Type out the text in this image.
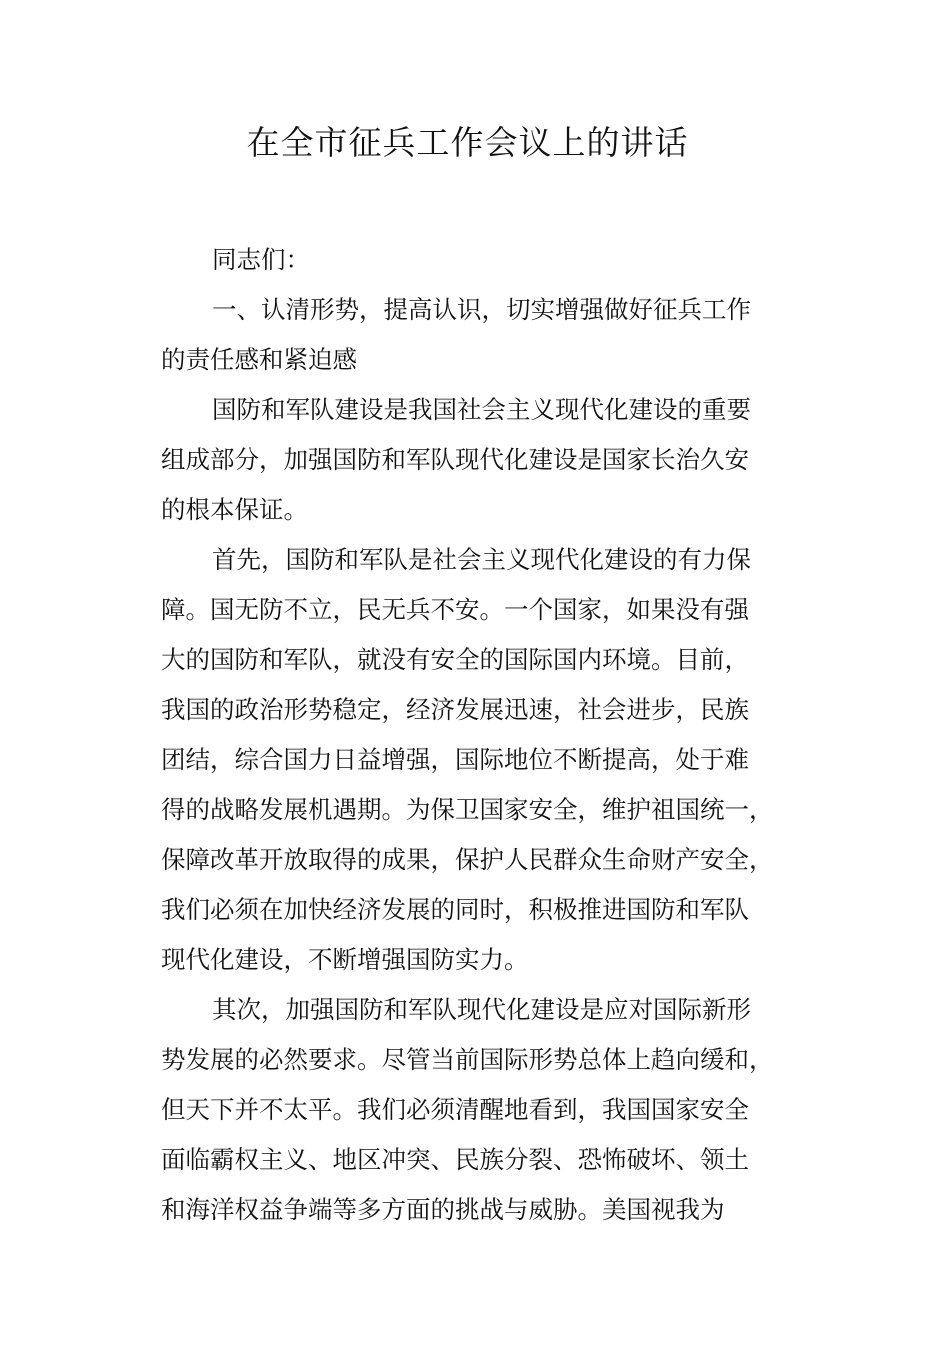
在全市征兵工作会议上的讲话
同志们：
一、认清形势，提高认识，切实增强做好征兵工作
的责任感和紧迫感
国防和军队建设是我国社会主义现代化建设的重要
组成部分，加强国防和军队现代化建设是国家长治久安
的根本保证。
首先，国防和军队是社会主义现代化建设的有力保
障。国无防不立，民无兵不安。一个国家，如果没有强
大的国防和军队，就没有安全的国际国内环境。目前，
我国的政治形势稳定，经济发展迅速，社会进步，民族
团结，综合国力日益增强，国际地位不断提高，处于难
得的战略发展机遇期。为保卫国家安全，维护祖国统一，
保障改革开放取得的成果，保护人民群众生命财产安全，
我们必须在加快经济发展的同时，积极推进国防和军队
现代化建设，不断增强国防实力。
其次，加强国防和军队现代化建设是应对国际新形
势发展的必然要求。尽管当前国际形势总体上趋向缓和，
但天下并不太平。我们必须清醒地看到，我国国家安全
面临霸权主义、地区冲突、民族分裂、恐怖破坏、领土
和海洋权益争端等多方面的挑战与威胁。美国视我为
